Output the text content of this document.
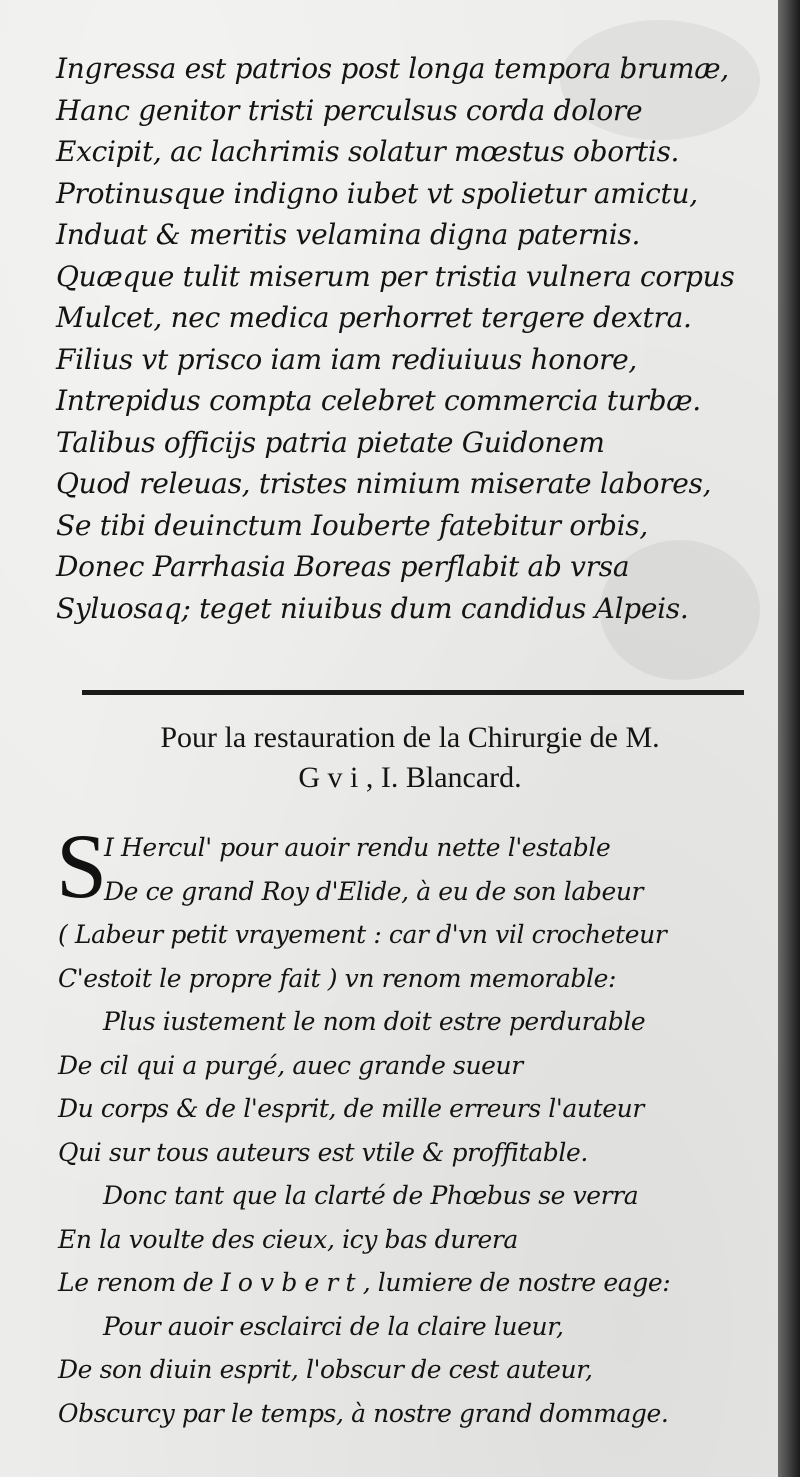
Ingressa est patrios post longa tempora brumæ,
Hanc genitor tristi perculsus corda dolore
Excipit, ac lachrimis solatur mœstus obortis.
Protinusque indigno iubet vt spolietur amictu,
Induat & meritis velamina digna paternis.
Quæque tulit miserum per tristia vulnera corpus
Mulcet, nec medica perhorret tergere dextra.
Filius vt prisco iam iam rediuiuus honore,
Intrepidus compta celebret commercia turbæ.
Talibus officijs patria pietate Guidonem
Quod releuas, tristes nimium miserate labores,
Se tibi deuinctum Iouberte fatebitur orbis,
Donec Parrhasia Boreas perflabit ab vrsa
Syluosaq; teget niuibus dum candidus Alpeis.
Pour la restauration de la Chirurgie de M.
G v i , I. Blancard.
S
I Hercul' pour auoir rendu nette l'estable
De ce grand Roy d'Elide, à eu de son labeur
( Labeur petit vrayement : car d'vn vil crocheteur
C'estoit le propre fait ) vn renom memorable:
Plus iustement le nom doit estre perdurable
De cil qui a purgé, auec grande sueur
Du corps & de l'esprit, de mille erreurs l'auteur
Qui sur tous auteurs est vtile & proffitable.
Donc tant que la clarté de Phœbus se verra
En la voulte des cieux, icy bas durera
Le renom de I o v b e r t , lumiere de nostre eage:
Pour auoir esclairci de la claire lueur,
De son diuin esprit, l'obscur de cest auteur,
Obscurcy par le temps, à nostre grand dommage.
